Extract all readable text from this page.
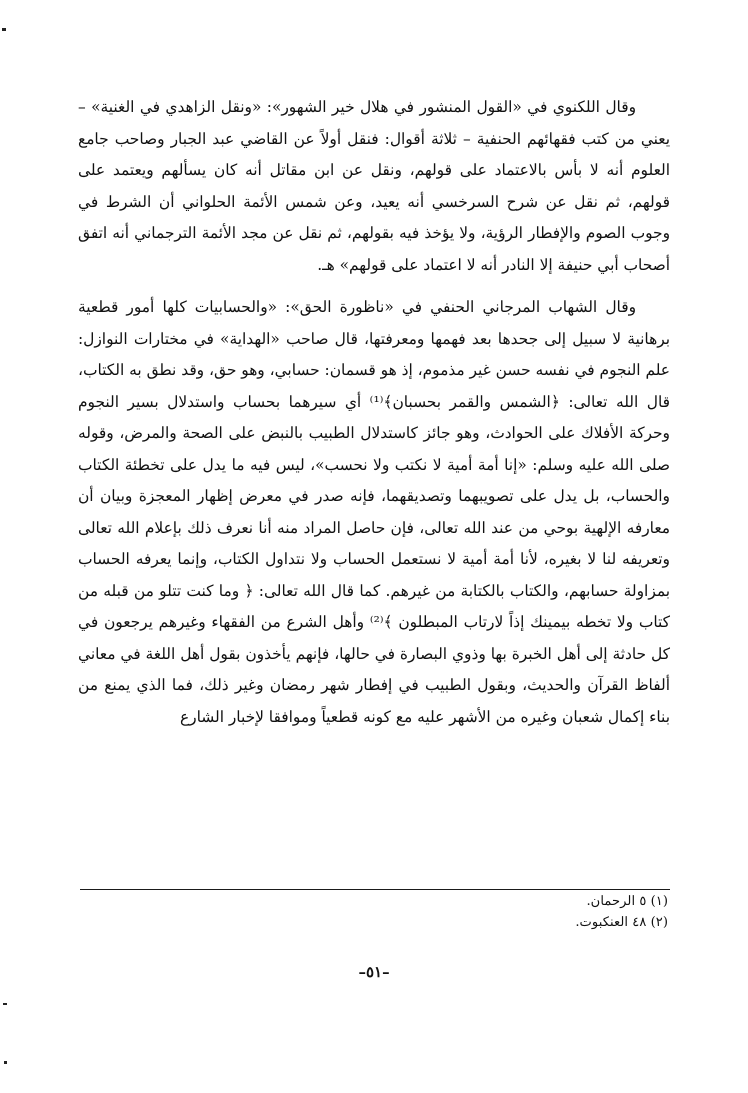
وقال اللكنوي في «القول المنشور في هلال خير الشهور»: «ونقل الزاهدي في الغنية» – يعني من كتب فقهائهم الحنفية – ثلاثة أقوال: فنقل أولاً عن القاضي عبد الجبار وصاحب جامع العلوم أنه لا بأس بالاعتماد على قولهم، ونقل عن ابن مقاتل أنه كان يسألهم ويعتمد على قولهم، ثم نقل عن شرح السرخسي أنه يعيد، وعن شمس الأئمة الحلواني أن الشرط في وجوب الصوم والإفطار الرؤية، ولا يؤخذ فيه بقولهم، ثم نقل عن مجد الأئمة الترجماني أنه اتفق أصحاب أبي حنيفة إلا النادر أنه لا اعتماد على قولهم» هـ.

وقال الشهاب المرجاني الحنفي في «ناظورة الحق»: «والحسابيات كلها أمور قطعية برهانية لا سبيل إلى جحدها بعد فهمها ومعرفتها، قال صاحب «الهداية» في مختارات النوازل: علم النجوم في نفسه حسن غير مذموم، إذ هو قسمان: حسابي، وهو حق، وقد نطق به الكتاب، قال الله تعالى: ﴿الشمس والقمر بحسبان﴾⁽¹⁾ أي سيرهما بحساب واستدلال بسير النجوم وحركة الأفلاك على الحوادث، وهو جائز كاستدلال الطبيب بالنبض على الصحة والمرض، وقوله صلى الله عليه وسلم: «إنا أمة أمية لا نكتب ولا نحسب»، ليس فيه ما يدل على تخطئة الكتاب والحساب، بل يدل على تصويبهما وتصديقهما، فإنه صدر في معرض إظهار المعجزة وبيان أن معارفه الإلهية بوحي من عند الله تعالى، فإن حاصل المراد منه أنا نعرف ذلك بإعلام الله تعالى وتعريفه لنا لا بغيره، لأنا أمة أمية لا نستعمل الحساب ولا نتداول الكتاب، وإنما يعرفه الحساب بمزاولة حسابهم، والكتاب بالكتابة من غيرهم. كما قال الله تعالى: ﴿ وما كنت تتلو من قبله من كتاب ولا تخطه بيمينك إذاً لارتاب المبطلون ﴾⁽²⁾ وأهل الشرع من الفقهاء وغيرهم يرجعون في كل حادثة إلى أهل الخبرة بها وذوي البصارة في حالها، فإنهم يأخذون بقول أهل اللغة في معاني ألفاظ القرآن والحديث، وبقول الطبيب في إفطار شهر رمضان وغير ذلك، فما الذي يمنع من بناء إكمال شعبان وغيره من الأشهر عليه مع كونه قطعياً وموافقا لإخبار الشارع

(١) ٥ الرحمان.
(٢) ٤٨ العنكبوت.
–٥١–
